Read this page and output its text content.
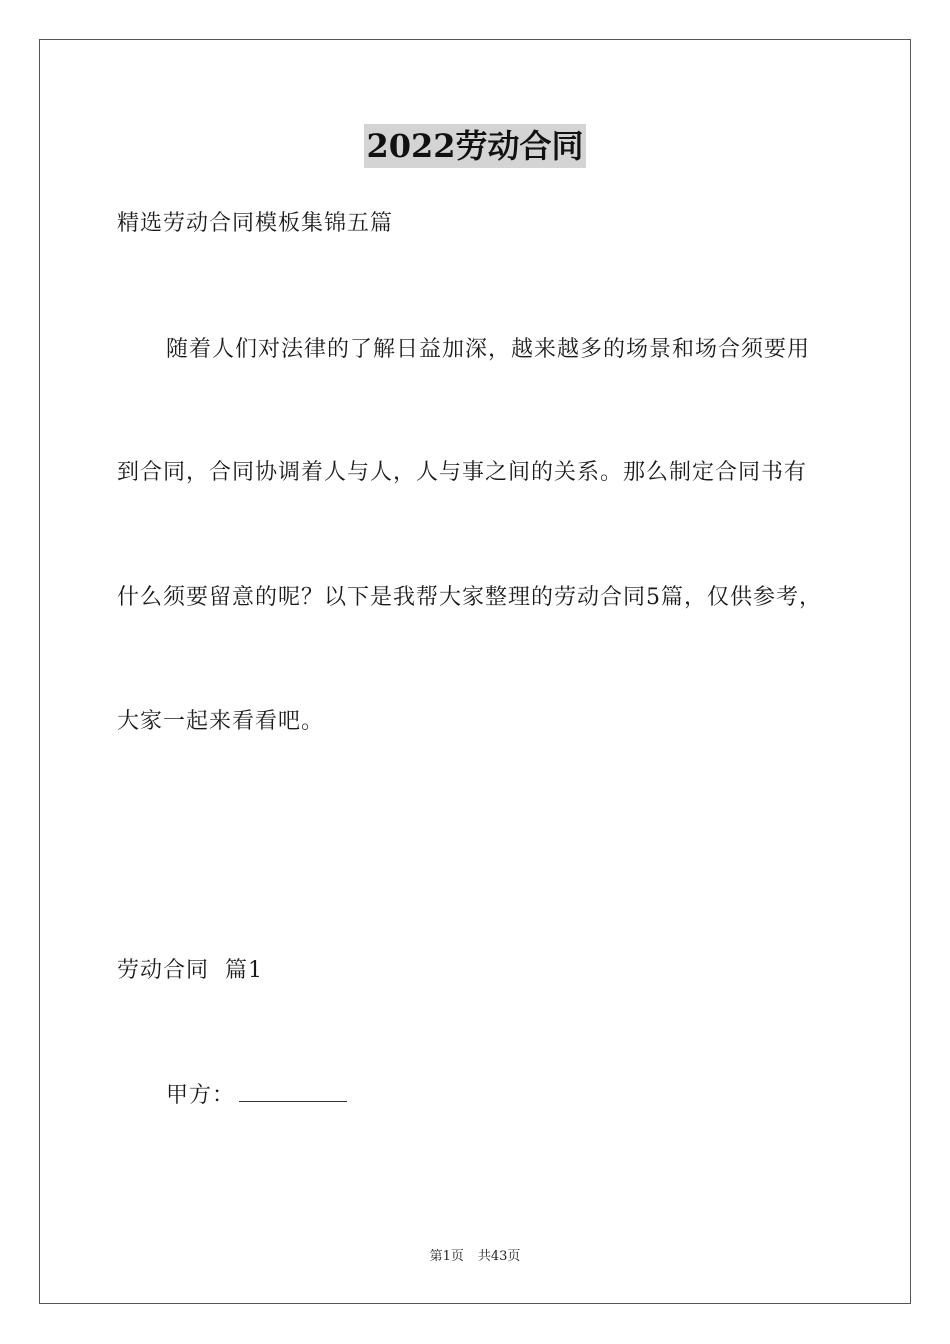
2022劳动合同
精选劳动合同模板集锦五篇
随着人们对法律的了解日益加深，越来越多的场景和场合须要用
到合同，合同协调着人与人，人与事之间的关系。那么制定合同书有
什么须要留意的呢？以下是我帮大家整理的劳动合同5篇，仅供参考，
大家一起来看看吧。
劳动合同  篇1
甲方：
第1页 共43页
